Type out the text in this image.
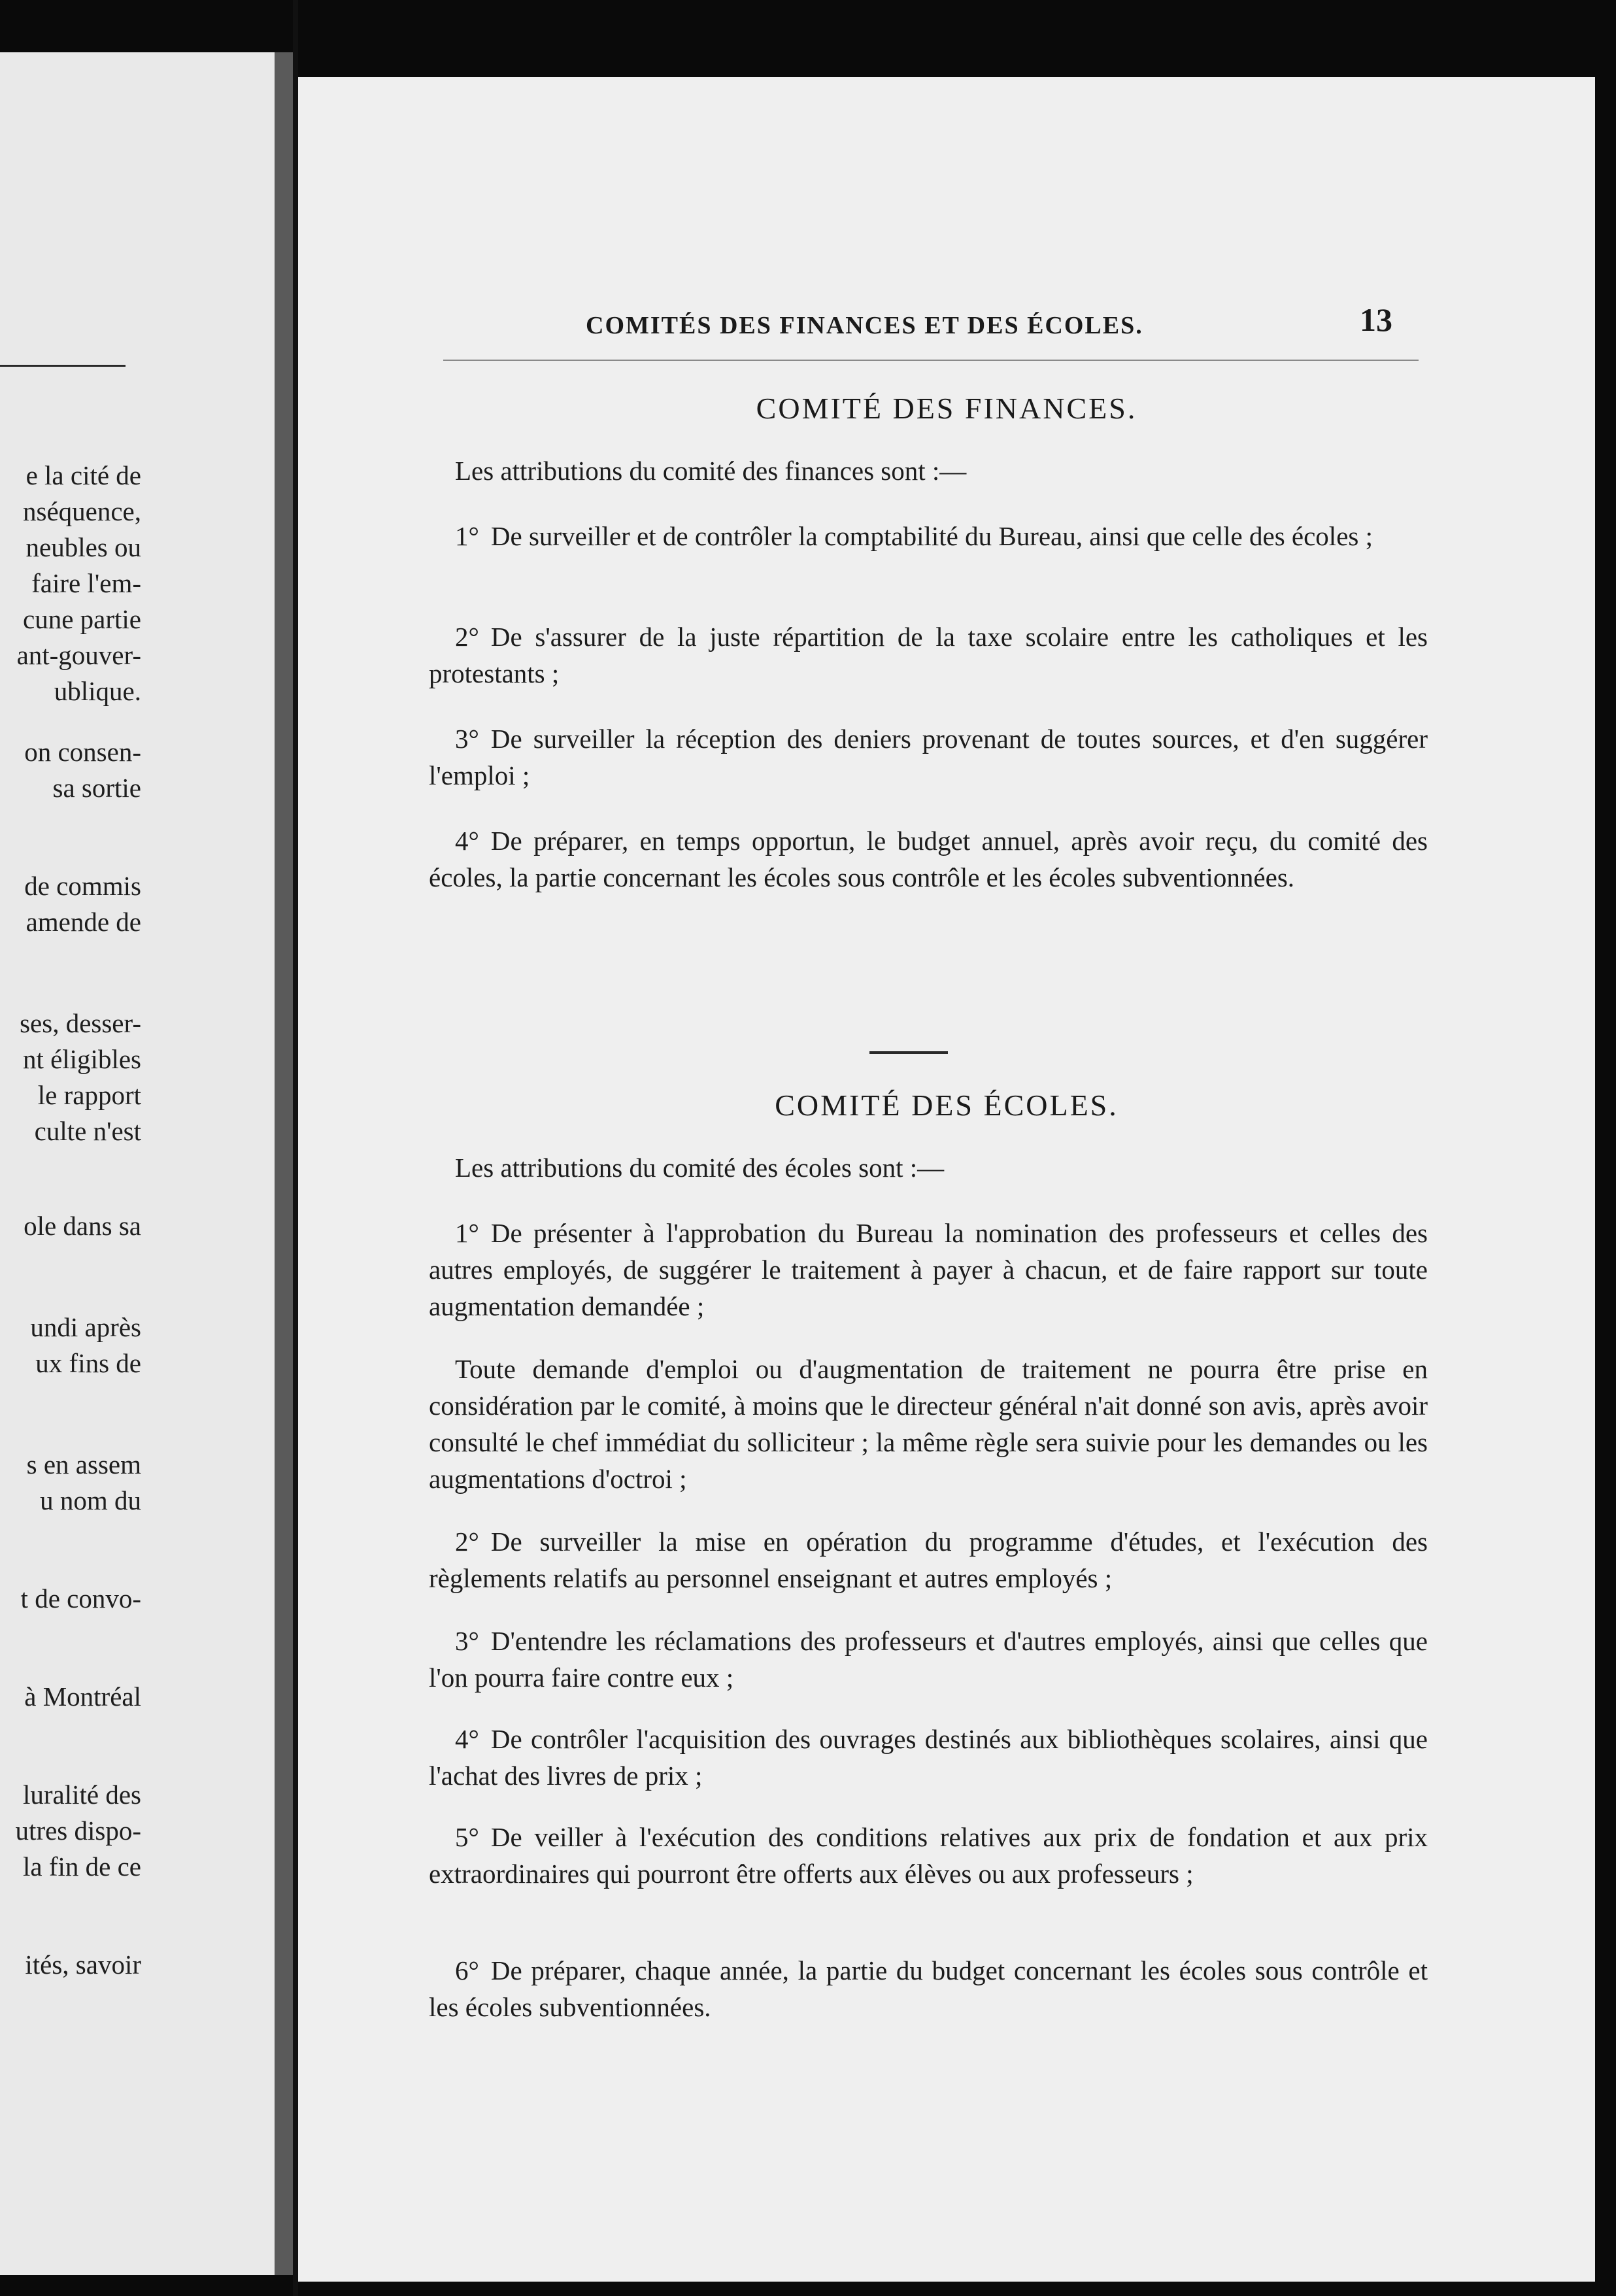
e la cité de
nséquence,
neubles ou
faire l'em-
cune partie
ant-gouver-
ublique.
on consen-
sa sortie
de commis
amende de
ses, desser-
nt éligibles
le rapport
culte n'est
ole dans sa
undi après
ux fins de
s en assem
u nom du
t de convo-
à Montréal
luralité des
utres dispo-
la fin de ce
ités, savoir
COMITÉS DES FINANCES ET DES ÉCOLES.	13
COMITÉ DES FINANCES.
Les attributions du comité des finances sont :—
1° De surveiller et de contrôler la comptabilité du Bureau, ainsi que celle des écoles ;
2° De s'assurer de la juste répartition de la taxe scolaire entre les catholiques et les protestants ;
3° De surveiller la réception des deniers provenant de toutes sources, et d'en suggérer l'emploi ;
4° De préparer, en temps opportun, le budget annuel, après avoir reçu, du comité des écoles, la partie concernant les écoles sous contrôle et les écoles subventionnées.
COMITÉ DES ÉCOLES.
Les attributions du comité des écoles sont :—
1° De présenter à l'approbation du Bureau la nomination des professeurs et celles des autres employés, de suggérer le traitement à payer à chacun, et de faire rapport sur toute augmentation demandée ;
Toute demande d'emploi ou d'augmentation de traitement ne pourra être prise en considération par le comité, à moins que le directeur général n'ait donné son avis, après avoir consulté le chef immédiat du solliciteur ; la même règle sera suivie pour les demandes ou les augmentations d'octroi ;
2° De surveiller la mise en opération du programme d'études, et l'exécution des règlements relatifs au personnel enseignant et autres employés ;
3° D'entendre les réclamations des professeurs et d'autres employés, ainsi que celles que l'on pourra faire contre eux ;
4° De contrôler l'acquisition des ouvrages destinés aux bibliothèques scolaires, ainsi que l'achat des livres de prix ;
5° De veiller à l'exécution des conditions relatives aux prix de fondation et aux prix extraordinaires qui pourront être offerts aux élèves ou aux professeurs ;
6° De préparer, chaque année, la partie du budget concernant les écoles sous contrôle et les écoles subventionnées.
